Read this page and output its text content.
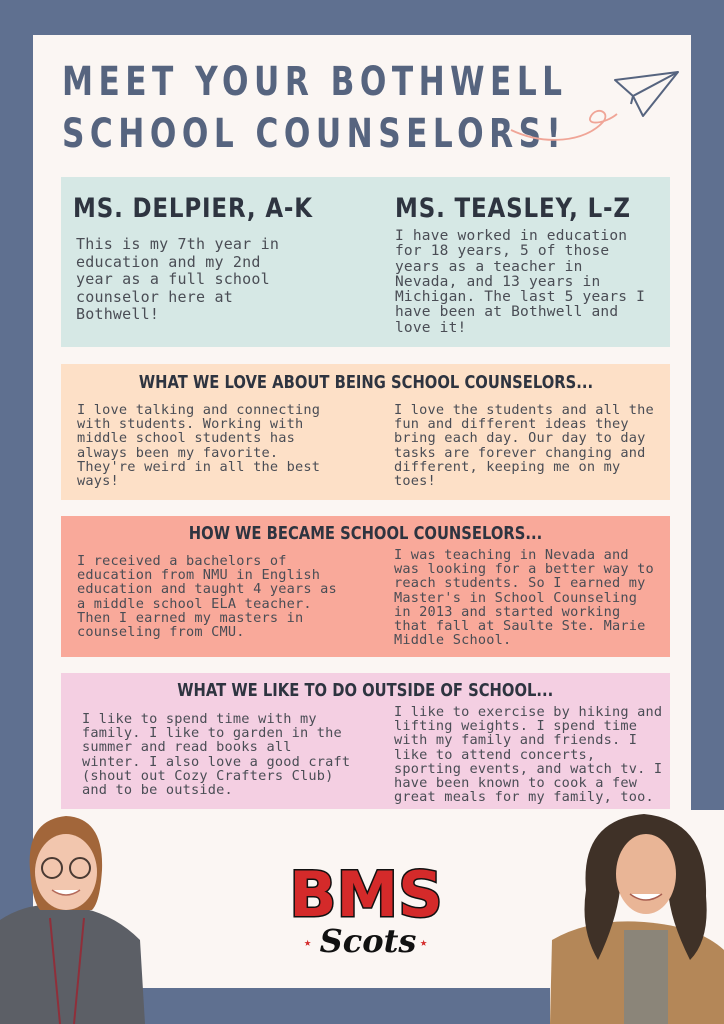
MEET YOUR BOTHWELL
SCHOOL COUNSELORS!
MS. DELPIER, A-K	MS. TEASLEY, L-Z
This is my 7th year in
education and my 2nd
year as a full school
counselor here at
Bothwell!
I have worked in education
for 18 years, 5 of those
years as a teacher in
Nevada, and 13 years in
Michigan. The last 5 years I
have been at Bothwell and
love it!
WHAT WE LOVE ABOUT BEING SCHOOL COUNSELORS...
I love talking and connecting
with students. Working with
middle school students has
always been my favorite.
They're weird in all the best
ways!
I love the students and all the
fun and different ideas they
bring each day. Our day to day
tasks are forever changing and
different, keeping me on my
toes!
HOW WE BECAME SCHOOL COUNSELORS...
I received a bachelors of
education from NMU in English
education and taught 4 years as
a middle school ELA teacher.
Then I earned my masters in
counseling from CMU.
I was teaching in Nevada and
was looking for a better way to
reach students. So I earned my
Master's in School Counseling
in 2013 and started working
that fall at Saulte Ste. Marie
Middle School.
WHAT WE LIKE TO DO OUTSIDE OF SCHOOL...
I like to spend time with my
family. I like to garden in the
summer and read books all
winter. I also love a good craft
(shout out Cozy Crafters Club)
and to be outside.
I like to exercise by hiking and
lifting weights. I spend time
with my family and friends. I
like to attend concerts,
sporting events, and watch tv. I
have been known to cook a few
great meals for my family, too.
BMS
Scots
★	★
